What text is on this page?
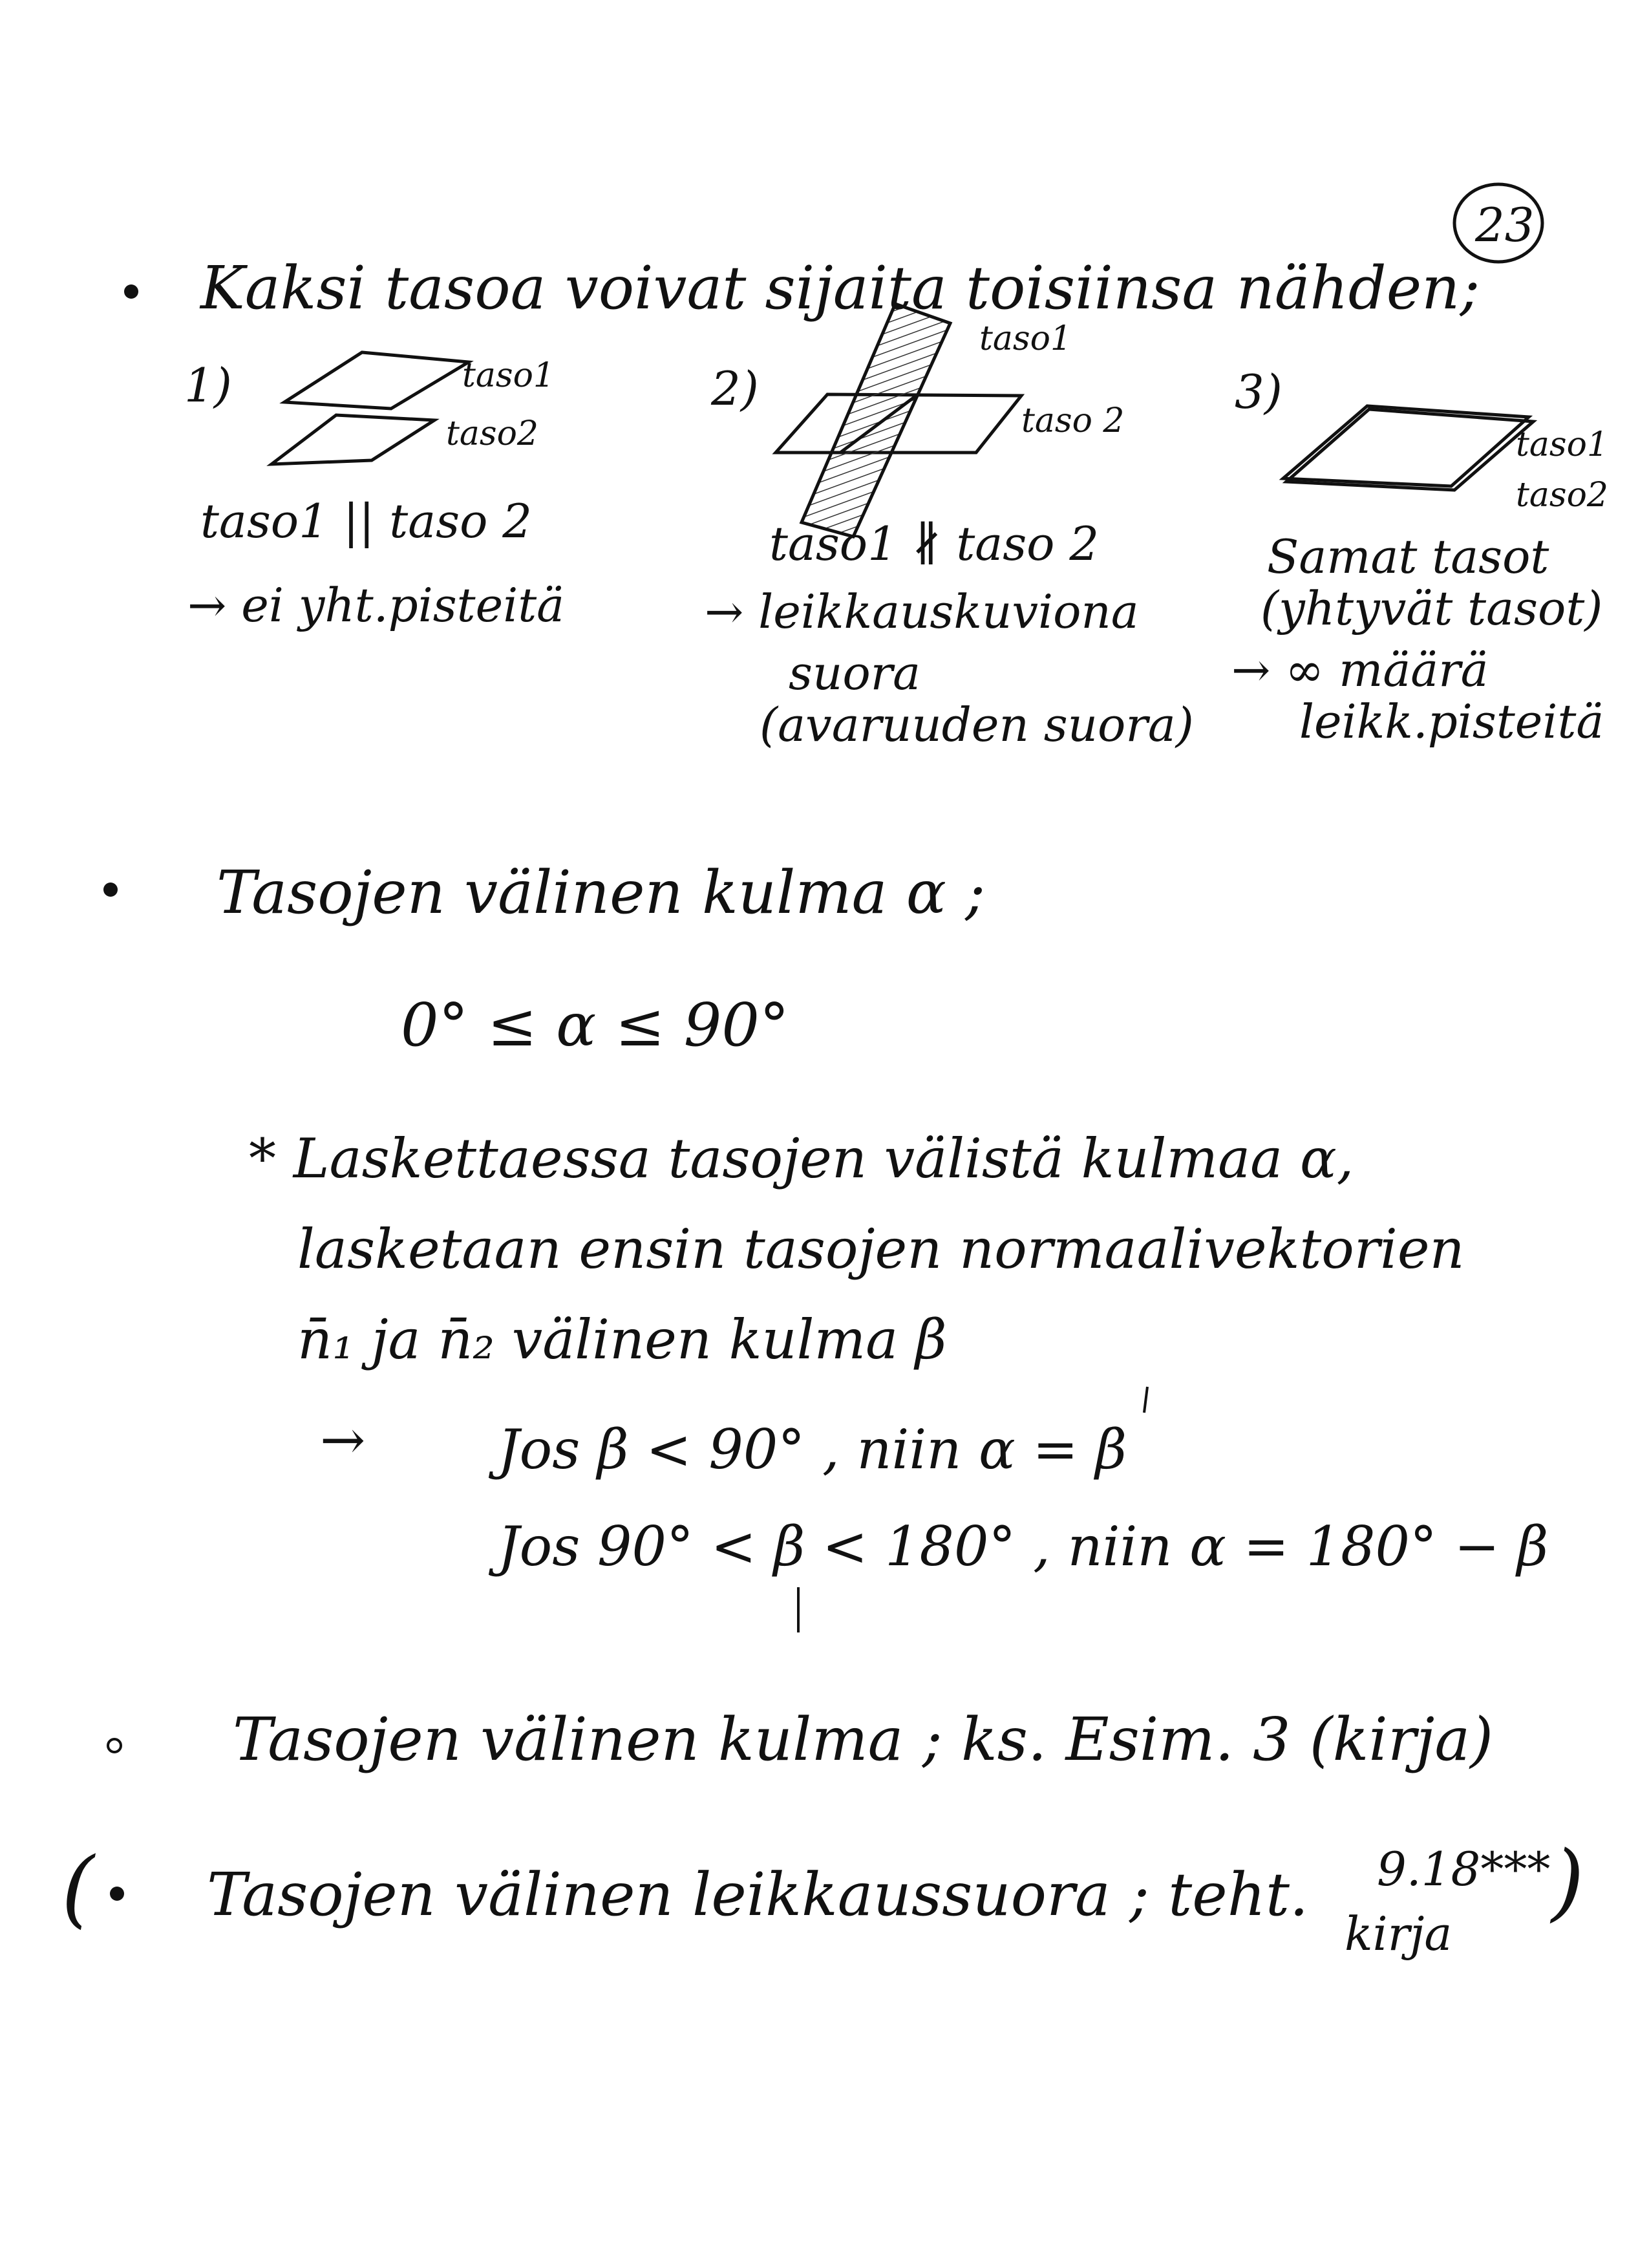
23
Kaksi tasoa voivat sijaita toisiinsa nähden;
1)	taso1
taso2
taso1 || taso 2
→ ei yht.pisteitä
2)
taso1
taso 2
taso1 ∦ taso 2
→ leikkauskuviona
suora
(avaruuden suora)
3)
taso1
taso2
Samat tasot
(yhtyvät tasot)
→ ∞ määrä
leikk.pisteitä
Tasojen välinen kulma α ;
0° ≤ α ≤ 90°
* Laskettaessa tasojen välistä kulmaa α,
lasketaan ensin tasojen normaalivektorien
n̄₁ ja n̄₂ välinen kulma β
→ Jos β < 90° , niin α = β
Jos 90° < β < 180° , niin α = 180° − β
Tasojen välinen kulma ; ks. Esim. 3 (kirja)
( Tasojen välinen leikkaussuora ; teht. 9.18***
kirja
)
